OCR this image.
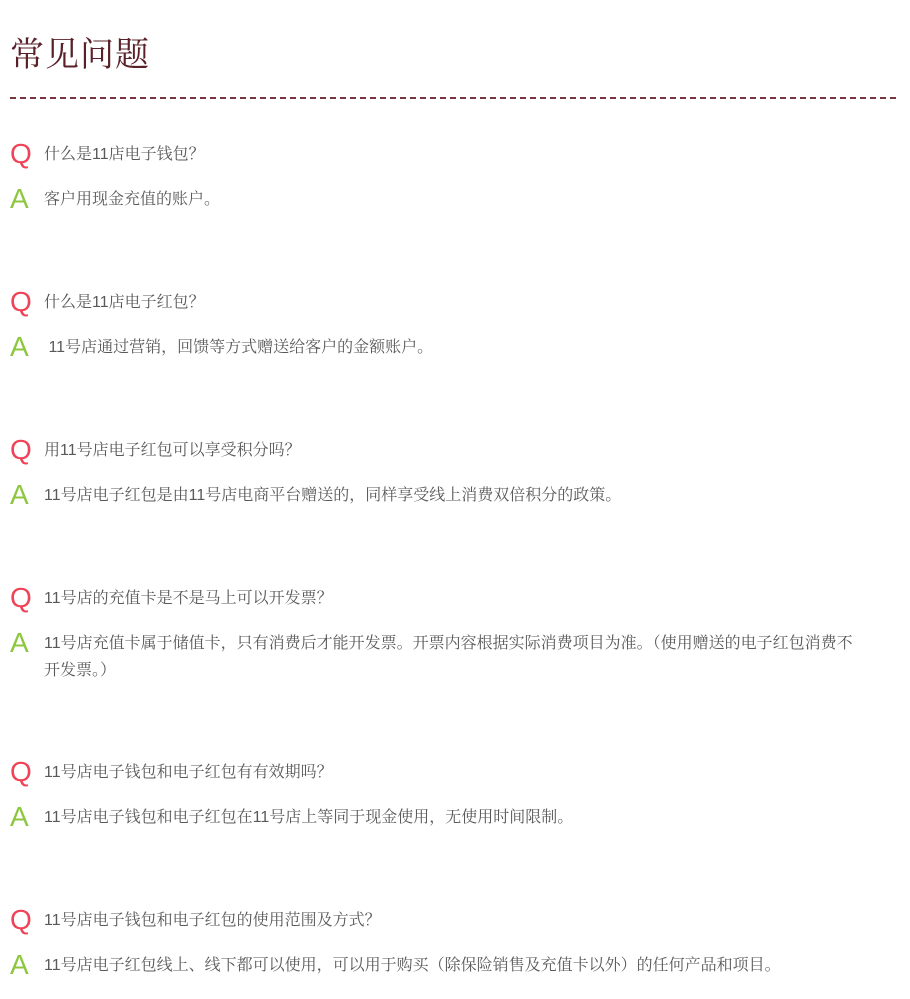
常见问题
Q 什么是11店电子钱包？
A 客户用现金充值的账户。
Q 什么是11店电子红包？
A 11号店通过营销，回馈等方式赠送给客户的金额账户。
Q 用11号店电子红包可以享受积分吗？
A 11号店电子红包是由11号店电商平台赠送的，同样享受线上消费双倍积分的政策。
Q 11号店的充值卡是不是马上可以开发票？
A 11号店充值卡属于储值卡，只有消费后才能开发票。开票内容根据实际消费项目为准。（使用赠送的电子红包消费不开发票。）
Q 11号店电子钱包和电子红包有有效期吗？
A 11号店电子钱包和电子红包在11号店上等同于现金使用，无使用时间限制。
Q 11号店电子钱包和电子红包的使用范围及方式？
A 11号店电子红包线上、线下都可以使用，可以用于购买（除保险销售及充值卡以外）的任何产品和项目。
